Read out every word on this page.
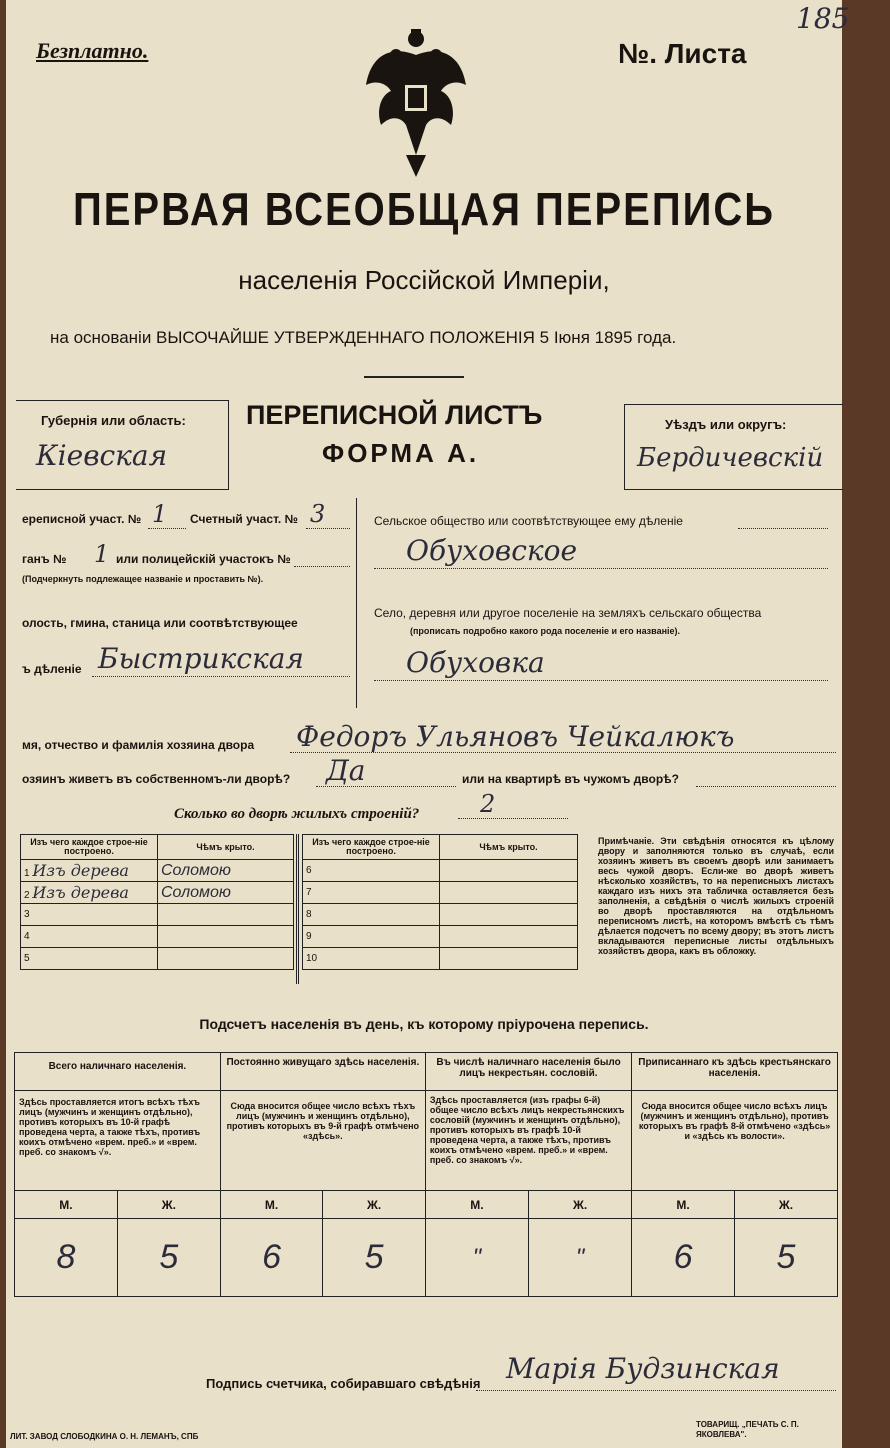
Безплатно.	№. Листа
185
ПЕРВАЯ ВСЕОБЩАЯ ПЕРЕПИСЬ
населенія Россійской Имперіи,
на основаніи ВЫСОЧАЙШЕ УТВЕРЖДЕННАГО ПОЛОЖЕНІЯ 5 Іюня 1895 года.
Губернія или область:
Кіевская
ПЕРЕПИСНОЙ ЛИСТЪ
ФОРМА А.
Уѣздъ или округъ:
Бердичевскій
ереписной участ. № 1 Счетный участ. № 3
ганъ № 1 или полицейскій участокъ №
(Подчеркнуть подлежащее названіе и проставить №).
олость, гмина, станица или соотвѣтствующее
ъ дѣленіе Быстрикская
Сельское общество или соотвѣтствующее ему дѣленіе
Обуховское
Село, деревня или другое поселеніе на земляхъ сельскаго общества
(прописать подробно какого рода поселеніе и его названіе).
Обуховка
мя, отчество и фамилія хозяина двора Федоръ Ульяновъ Чейкалюкъ
озяинъ живетъ въ собственномъ-ли дворѣ? Да	или на квартирѣ въ чужомъ дворѣ?
Сколько во дворѣ жилыхъ строеній?	2
Изъ чего каждое строе-ніе построено.	Чѣмъ крыто.
1 Изъ дерева	Соломою
2 Изъ дерева	Соломою
3	
4	
5	
Изъ чего каждое строе-ніе построено.	Чѣмъ крыто.
6	
7	
8	
9	
10	
Примѣчаніе. Эти свѣдѣнія относятся къ цѣлому двору и заполняются только въ случаѣ, если хозяинъ живетъ въ своемъ дворѣ или занимаетъ весь чужой дворъ. Если-же во дворѣ живетъ нѣсколько хозяйствъ, то на переписныхъ листахъ каждаго изъ нихъ эта табличка оставляется безъ заполненія, а свѣдѣнія о числѣ жилыхъ строеній во дворѣ проставляются на отдѣльномъ переписномъ листѣ, на которомъ вмѣстѣ съ тѣмъ дѣлается подсчетъ по всему двору; въ этотъ листъ вкладываются переписные листы отдѣльныхъ хозяйствъ двора, какъ въ обложку.
Подсчетъ населенія въ день, къ которому пріурочена перепись.
Всего наличнаго населенія.		Постоянно живущаго здѣсь населенія.		Въ числѣ наличнаго населенія было лицъ некрестьян. сословій.		Приписаннаго къ здѣсь крестьянскаго населенія.	
Здѣсь проставляется итогъ всѣхъ тѣхъ лицъ (мужчинъ и женщинъ отдѣльно), противъ которыхъ въ 10-й графѣ проведена черта, а также тѣхъ, противъ коихъ отмѣчено «врем. преб.» и «врем. преб. со знакомъ √».		Сюда вносится общее число всѣхъ тѣхъ лицъ (мужчинъ и женщинъ отдѣльно), противъ которыхъ въ 9-й графѣ отмѣчено «здѣсь».		Здѣсь проставляется (изъ графы 6-й) общее число всѣхъ лицъ некрестьянскихъ сословій (мужчинъ и женщинъ отдѣльно), противъ которыхъ въ графѣ 10-й проведена черта, а также тѣхъ, противъ коихъ отмѣчено «врем. преб.» и «врем. преб. со знакомъ √».		Сюда вносится общее число всѣхъ лицъ (мужчинъ и женщинъ отдѣльно), противъ которыхъ въ графѣ 8-й отмѣчено «здѣсь» и «здѣсь къ волости».	
М.	Ж.	М.	Ж.	М.	Ж.	М.	Ж.
8	5	6	5	"	"	6	5
Подпись счетчика, собиравшаго свѣдѣнія Марія Будзинская
ЛИТ. ЗАВОД СЛОБОДКИНА О. Н. ЛЕМАНЪ, СПБ
ТОВАРИЩ. „ПЕЧАТЬ С. П. ЯКОВЛЕВА".
